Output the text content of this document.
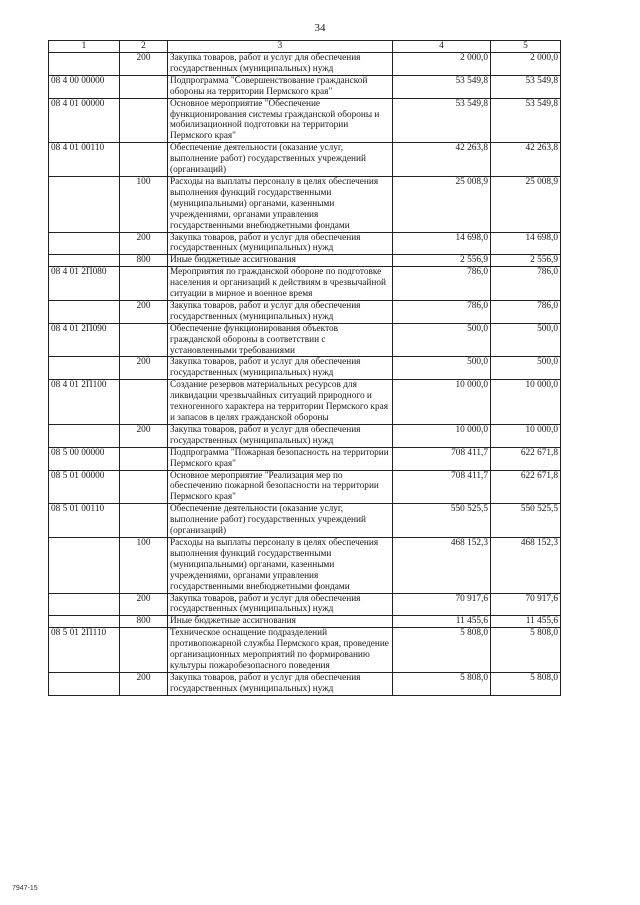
34
1	2	3	4	5
	200	Закупка товаров, работ и услуг для обеспечения государственных (муниципальных) нужд	2 000,0	2 000,0
08 4 00 00000		Подпрограмма "Совершенствование гражданской обороны на территории Пермского края"	53 549,8	53 549,8
08 4 01 00000		Основное мероприятие "Обеспечение функционирования системы гражданской обороны и мобилизационной подготовки на территории Пермского края"	53 549,8	53 549,8
08 4 01 00110		Обеспечение деятельности (оказание услуг, выполнение работ) государственных учреждений (организаций)	42 263,8	42 263,8
	100	Расходы на выплаты персоналу в целях обеспечения выполнения функций государственными (муниципальными) органами, казенными учреждениями, органами управления государственными внебюджетными фондами	25 008,9	25 008,9
	200	Закупка товаров, работ и услуг для обеспечения государственных (муниципальных) нужд	14 698,0	14 698,0
	800	Иные бюджетные ассигнования	2 556,9	2 556,9
08 4 01 2П080		Мероприятия по гражданской обороне по подготовке населения и организаций к действиям в чрезвычайной ситуации в мирное и военное время	786,0	786,0
	200	Закупка товаров, работ и услуг для обеспечения государственных (муниципальных) нужд	786,0	786,0
08 4 01 2П090		Обеспечение функционирования объектов гражданской обороны в соответствии с установленными требованиями	500,0	500,0
	200	Закупка товаров, работ и услуг для обеспечения государственных (муниципальных) нужд	500,0	500,0
08 4 01 2П100		Создание резервов материальных ресурсов для ликвидации чрезвычайных ситуаций природного и техногенного характера на территории Пермского края и запасов в целях гражданской обороны	10 000,0	10 000,0
	200	Закупка товаров, работ и услуг для обеспечения государственных (муниципальных) нужд	10 000,0	10 000,0
08 5 00 00000		Подпрограмма "Пожарная безопасность на территории Пермского края"	708 411,7	622 671,8
08 5 01 00000		Основное мероприятие "Реализация мер по обеспечению пожарной безопасности на территории Пермского края"	708 411,7	622 671,8
08 5 01 00110		Обеспечение деятельности (оказание услуг, выполнение работ) государственных учреждений (организаций)	550 525,5	550 525,5
	100	Расходы на выплаты персоналу в целях обеспечения выполнения функций государственными (муниципальными) органами, казенными учреждениями, органами управления государственными внебюджетными фондами	468 152,3	468 152,3
	200	Закупка товаров, работ и услуг для обеспечения государственных (муниципальных) нужд	70 917,6	70 917,6
	800	Иные бюджетные ассигнования	11 455,6	11 455,6
08 5 01 2П110		Техническое оснащение подразделений противопожарной службы Пермского края, проведение организационных мероприятий по формированию культуры пожаробезопасного поведения	5 808,0	5 808,0
	200	Закупка товаров, работ и услуг для обеспечения государственных (муниципальных) нужд	5 808,0	5 808,0
7947-15
